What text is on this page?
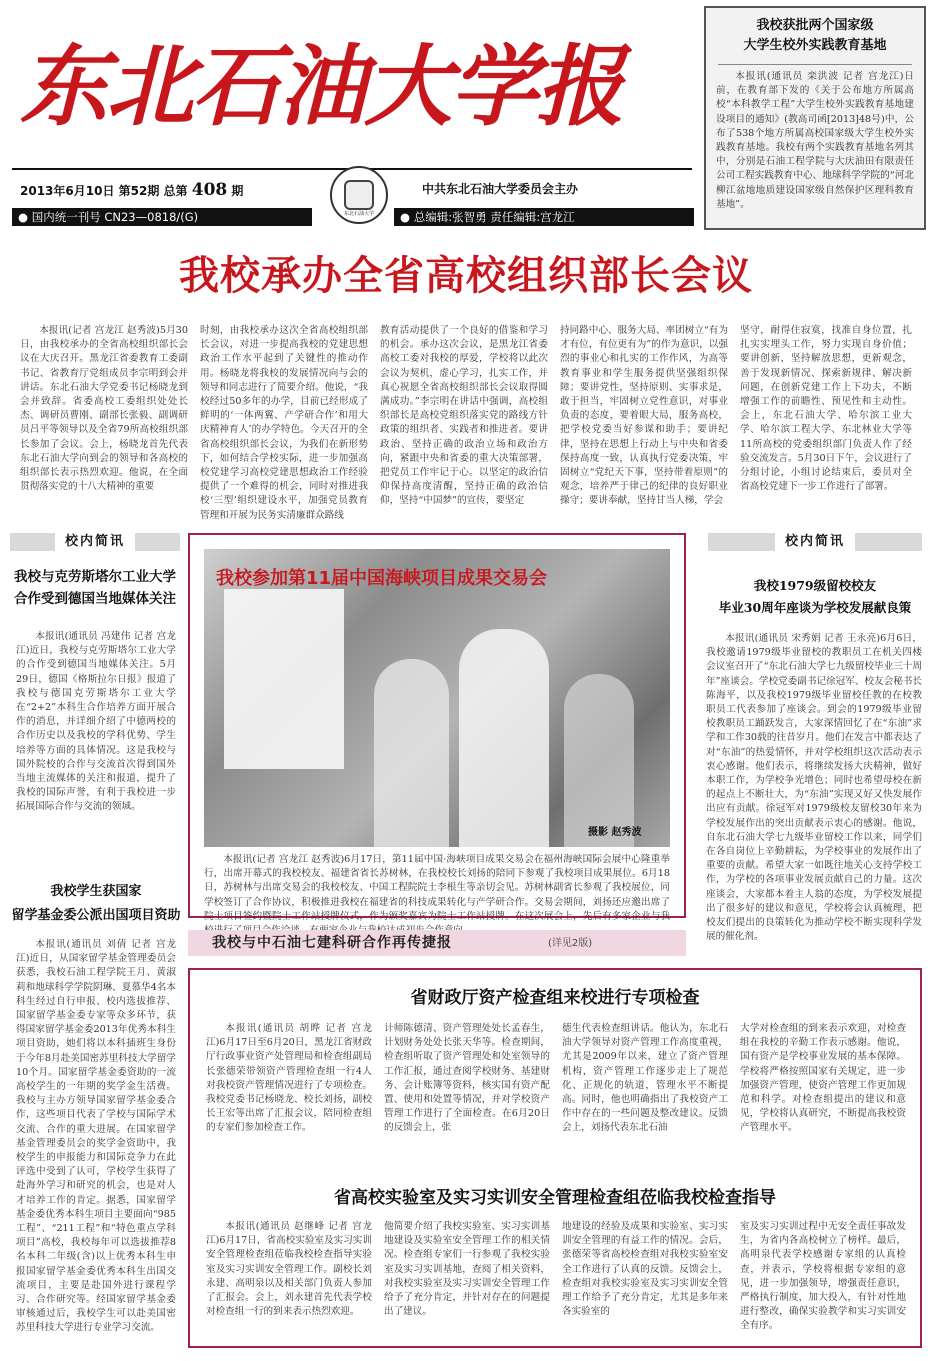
东北石油大学报
2013年6月10日 第52期 总第 408 期
东北石油大学
中共东北石油大学委员会主办
● 国内统一刊号 CN23—0818/(G)	● 总编辑:张智勇 责任编辑:宫龙江
我校获批两个国家级
大学生校外实践教育基地
本报讯(通讯员 栾洪波 记者 宫龙江)日前，在教育部下发的《关于公布地方所属高校“本科教学工程”大学生校外实践教育基地建设项目的通知》(教高司函[2013]48号)中，公布了538个地方所属高校国家级大学生校外实践教育基地。我校有两个实践教育基地名列其中，分别是石油工程学院与大庆油田有限责任公司工程实践教育中心、地球科学学院的“河北柳江盆地地质建设国家级自然保护区理科教育基地”。
我校承办全省高校组织部长会议
本报讯(记者 宫龙江 赵秀波)5月30日，由我校承办的全省高校组织部长会议在大庆召开。黑龙江省委教育工委副书记、省教育厅党组成员李宗明到会并讲话。东北石油大学党委书记杨晓龙到会并致辞。省委高校工委组织处处长杰、调研员曹刚、副部长张毅、副调研员吕平等领导以及全省79所高校组织部长参加了会议。会上，杨晓龙首先代表东北石油大学向到会的领导和各高校的组织部长表示热烈欢迎。他说，在全面贯彻落实党的十八大精神的重要
时刻，由我校承办这次全省高校组织部长会议，对进一步提高我校的党建思想政治工作水平起到了关键性的推动作用。杨晓龙将我校的发展情况向与会的领导和同志进行了简要介绍。他说，“我校经过50多年的办学，目前已经形成了鲜明的‘一体两翼、产学研合作’和用大庆精神育人’的办学特色。今天召开的全省高校组织部长会议，为我们在新形势下，如何结合学校实际，进一步加强高校党建学习高校党建思想政治工作经验提供了一个难得的机会，同时对推进我校‘三型’组织建设水平，加强党员教育管理和开展为民务实清廉群众路线
教育活动提供了一个良好的借鉴和学习的机会。承办这次会议，是黑龙江省委高校工委对我校的厚爱，学校将以此次会议为契机，虚心学习，扎实工作，并真心祝愿全省高校组织部长会议取得圆满成功。”李宗明在讲话中强调，高校组织部长是高校党组织落实党的路线方针政策的组织者、实践者和推进者。要讲政治、坚持正确的政治立场和政治方向，紧跟中央和省委的重大决策部署，把党员工作牢记于心。以坚定的政治信仰保持高度清醒，坚持正确的政治信仰，坚持“中国梦”的宣传，要坚定
持同路中心、服务大局、率团树立“有为才有位，有位更有为”的作为意识，以强烈的事业心和扎实的工作作风，为高等教育事业和学生服务提供坚强组织保障；要讲党性，坚持原则、实事求是，敢于担当，牢固树立党性意识，对事业负责的态度，要着眼大局，服务高校，把学校党委当好参谋和助手；要讲纪律，坚持在思想上行动上与中央和省委保持高度一致，认真执行党委决策，牢固树立“党纪天下事，坚持带着原则”的观念，培养严于律己的纪律的良好职业操守；要讲奉献，坚持甘当人梯，学会
坚守，耐得住寂寞，找准自身位置，扎扎实实埋头工作，努力实现自身价值；要讲创新，坚持解放思想，更新观念，善于发现新情况、探索新规律、解决新问题，在创新党建工作上下功夫，不断增强工作的前瞻性、预见性和主动性。会上，东北石油大学、哈尔滨工业大学、哈尔滨工程大学、东北林业大学等11所高校的党委组织部门负责人作了经验交流发言。5月30日下午，会议进行了分组讨论，小组讨论结束后，委员对全省高校党建下一步工作进行了部署。
校内简讯
我校与克劳斯塔尔工业大学
合作受到德国当地媒体关注
本报讯(通讯员 冯建伟 记者 宫龙江)近日，我校与克劳斯塔尔工业大学的合作受到德国当地媒体关注。5月29日，德国《格斯拉尔日报》报道了我校与德国克劳斯塔尔工业大学在“2+2”本科生合作培养方面开展合作的消息，并详细介绍了中德两校的合作历史以及我校的学科优势、学生培养等方面的具体情况。这是我校与国外院校的合作与交流首次得到国外当地主流媒体的关注和报道，提升了我校的国际声誉，有利于我校进一步拓展国际合作与交流的领域。
我校学生获国家
留学基金委公派出国项目资助
本报讯(通讯员 刘倩 记者 宫龙江)近日，从国家留学基金管理委员会获悉，我校石油工程学院王月、黄淑莉和地球科学学院阴琳、夏慕华4名本科生经过自行申报、校内选拔推荐、国家留学基金委专家等众多环节，获得国家留学基金委2013年优秀本科生项目资助，她们将以本科插班生身份于今年8月赴美国密苏里科技大学留学10个月。国家留学基金委资助的一流高校学生的一年期的奖学金生活费。我校与主办方领导国家留学基金委合作，这些项目代表了学校与国际学术交流、合作的重大进展。在国家留学基金管理委员会的奖学金资助中，我校学生的申报能力和国际竞争力在此评选中受到了认可，学校学生获得了赴海外学习和研究的机会，也是对人才培养工作的肯定。据悉，国家留学基金委优秀本科生项目主要面向“985工程”、“211工程”和“特色重点学科项目”高校，我校每年可以选拔推荐8名本科二年级(含)以上优秀本科生申报国家留学基金委优秀本科生出国交流项目，主要是赴国外进行课程学习、合作研究等。经国家留学基金委审核通过后，我校学生可以赴美国密苏里科技大学进行专业学习交流。
我校参加第11届中国海峡项目成果交易会
摄影 赵秀波
本报讯(记者 宫龙江 赵秀波)6月17日，第11届中国·海峡项目成果交易会在福州海峡国际会展中心隆重举行，出席开幕式的我校校友、福建省省长苏树林，在我校校长刘扬的陪同下参观了我校项目成果展位。6月18日，苏树林与出席交易会的我校校友、中国工程院院士李根生等亲切会见。苏树林副省长参观了我校展位，同学校签订了合作协议，积极推进我校在福建省的科技成果转化与产学研合作。交易会期间，刘扬还应邀出席了院士项目签约暨院士工作站授牌仪式，作为颁奖嘉宾为院士工作站授牌。在这次展会上，先后有多家企业与我
我校与中石油七建科研合作再传捷报	(详见2版)
校内简讯
我校1979级留校校友
毕业30周年座谈为学校发展献良策
本报讯(通讯员 宋秀娟 记者 王永亮)6月6日，我校邀请1979级毕业留校的教职员工在机关四楼会议室召开了“东北石油大学七九级留校毕业三十周年”座谈会。学校党委副书记徐冠军、校友会秘书长陈海平，以及我校1979级毕业留校任教的在校教职员工代表参加了座谈会。到会的1979级毕业留校教职员工踊跃发言，大家深情回忆了在“东油”求学和工作30载的往昔岁月。他们在发言中都表达了对“东油”的热爱情怀，并对学校组织这次活动表示衷心感谢。他们表示，将继续发扬大庆精神，做好本职工作，为学校争光增色；同时也希望母校在新的起点上不断壮大，为“东油”实现又好又快发展作出应有贡献。徐冠军对1979级校友留校30年来为学校发展作出的突出贡献表示衷心的感谢。他说，自东北石油大学七九级毕业留校工作以来，同学们在各自岗位上辛勤耕耘，为学校事业的发展作出了重要的贡献。希望大家一如既往地关心支持学校工作，为学校的各项事业发展贡献自己的力量。这次座谈会，大家都本着主人翁的态度，为学校发展提出了很多好的建议和意见，学校将会认真梳理，把校友们提出的良策转化为推动学校不断实现科学发展的催化剂。
省财政厅资产检查组来校进行专项检查
本报讯(通讯员 胡晔 记者 宫龙江)6月17日至6月20日，黑龙江省财政厅行政事业资产处管理局和检查组副局长张德荣带领资产管理检查组一行4人对我校资产管理情况进行了专项检查。我校党委书记杨晓龙、校长刘扬，副校长王宏等出席了汇报会议，陪同检查组的专家们参加检查工作。
计师陈德清、资产管理处处长孟春生，计划财务处处长张天华等。检查期间，检查组听取了资产管理处和处室领导的工作汇报，通过查阅学校财务、基建财务、会计账簿等资料，核实国有资产配置、使用和处置等情况，并对学校资产管理工作进行了全面检查。在6月20日的反馈会上，张
德生代表检查组讲话。他认为，东北石油大学领导对资产管理工作高度重视，尤其是2009年以来，建立了资产管理机构，资产管理工作逐步走上了规范化、正规化的轨道，管理水平不断提高。同时，他也明确指出了我校资产工作中存在的一些问题及整改建议。反馈会上，刘扬代表东北石油
大学对检查组的到来表示欢迎，对检查组在我校的辛勤工作表示感谢。他说，国有资产是学校事业发展的基本保障。学校将严格按照国家有关规定，进一步加强资产管理，使资产管理工作更加规范和科学。对检查组提出的建议和意见，学校将认真研究，不断提高我校资产管理水平。
省高校实验室及实习实训安全管理检查组莅临我校检查指导
本报讯(通讯员 赵继峰 记者 宫龙江)6月17日，省高校实验室及实习实训安全管理检查组莅临我校检查指导实验室及实习实训安全管理工作。副校长刘永建、高明泉以及相关部门负责人参加了汇报会。会上，刘永建首先代表学校对检查组一行的到来表示热烈欢迎。
他简要介绍了我校实验室、实习实训基地建设及实验室安全管理工作的相关情况。检查组专家们一行参观了我校实验室及实习实训基地，查阅了相关资料，对我校实验室及实习实训安全管理工作给予了充分肯定，并针对存在的问题提出了建议。
地建设的经验及成果和实验室、实习实训安全管理的有益工作的情况。会后，张德荣等省高校检查组对我校实验室安全工作进行了认真的反馈。反馈会上，检查组对我校实验室及实习实训安全管理工作给予了充分肯定，尤其是多年来各实验室的
室及实习实训过程中无安全责任事故发生，为省内各高校树立了榜样。最后，高明泉代表学校感谢专家组的认真检查，并表示，学校将根据专家组的意见，进一步加强领导，增强责任意识，严格执行制度，加大投入，有针对性地进行整改，确保实验教学和实习实训安全有序。
